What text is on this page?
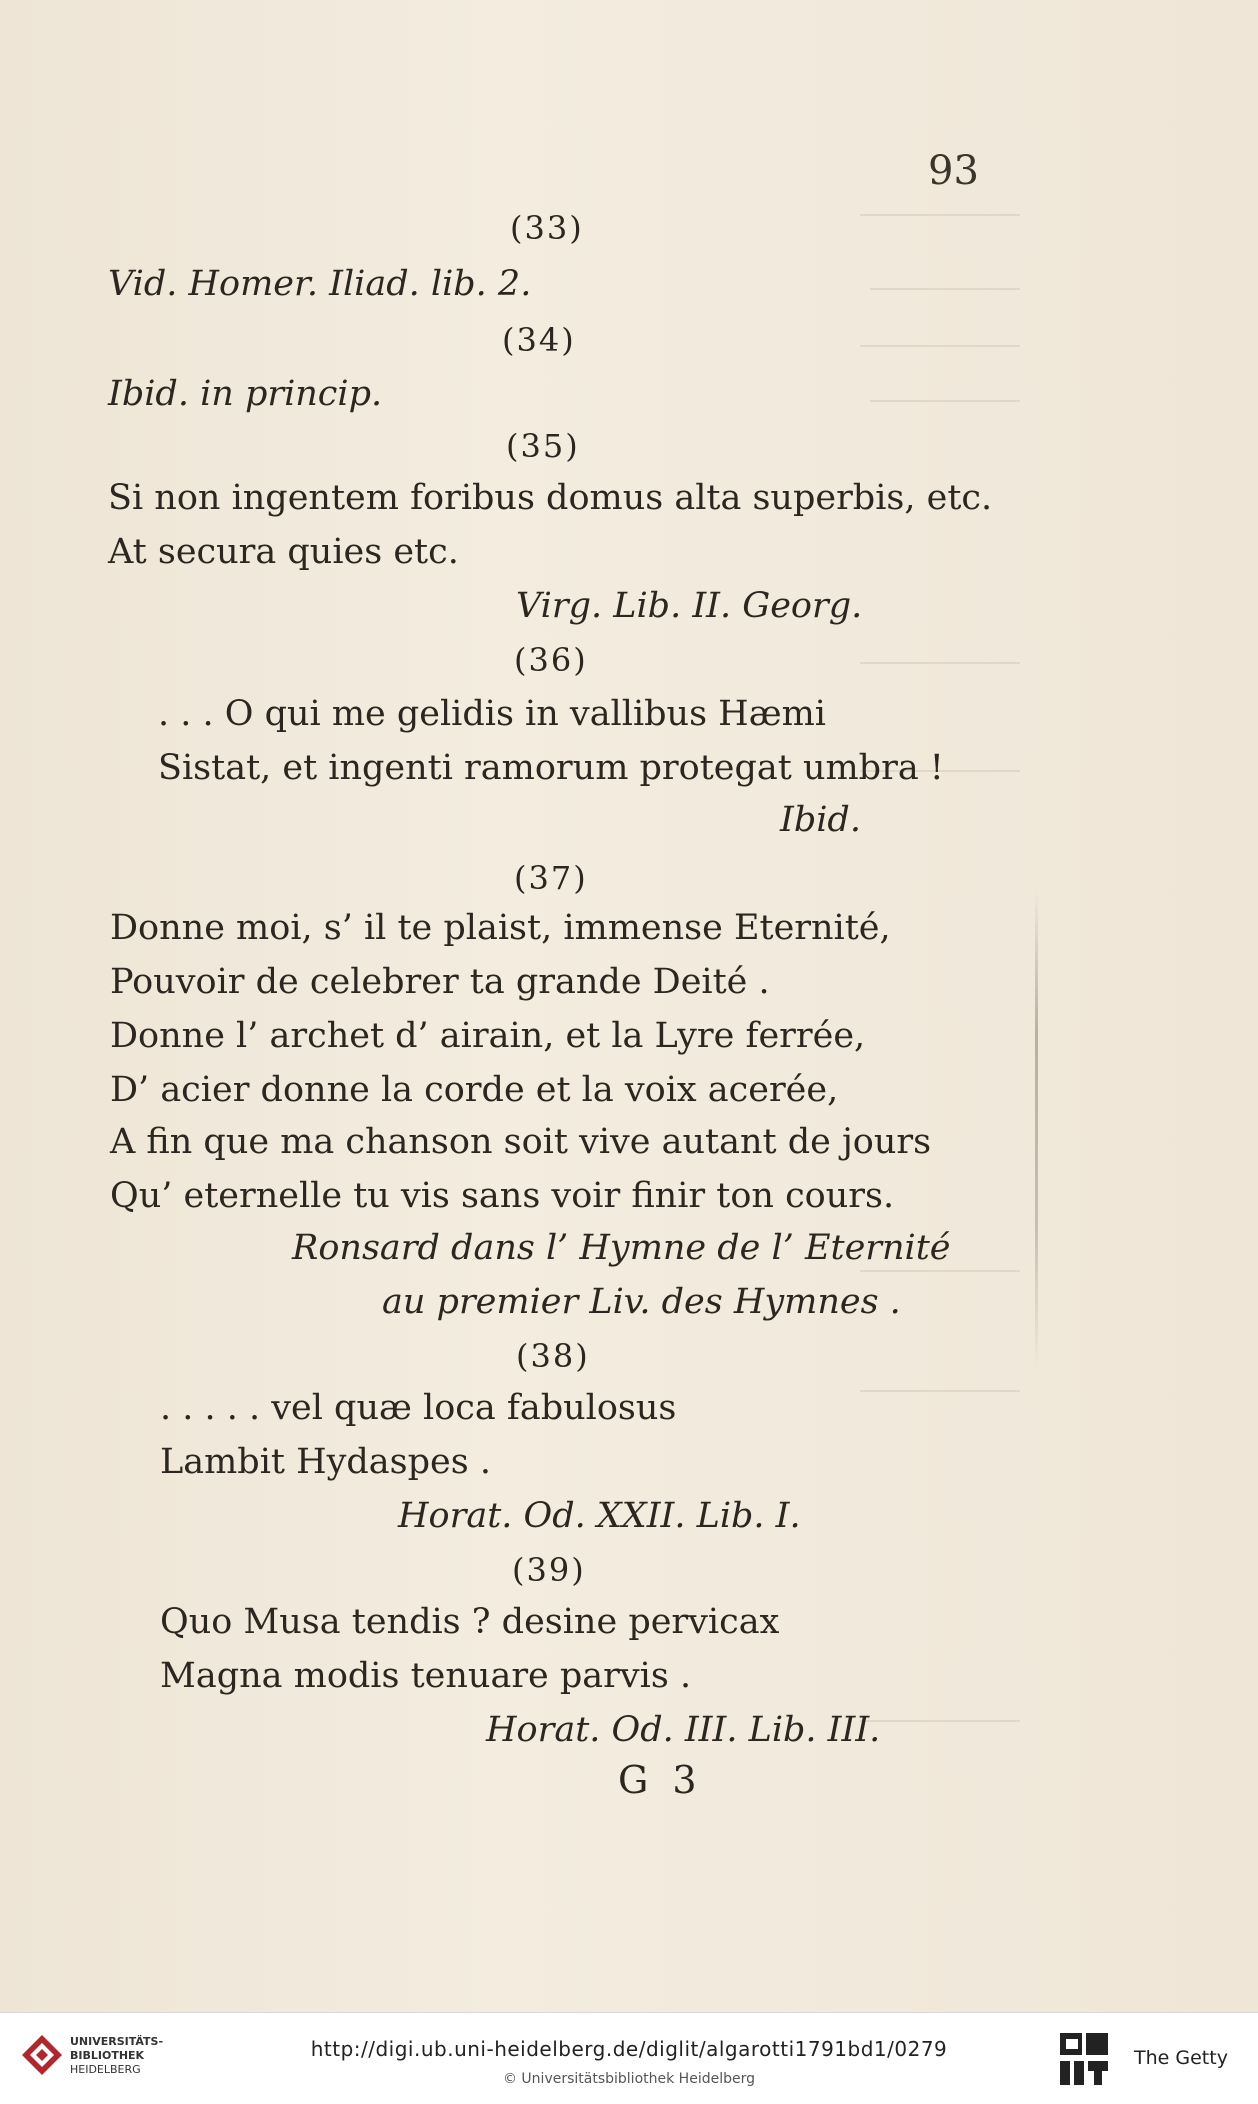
93
(33)
Vid. Homer. Iliad. lib. 2.
(34)
Ibid. in princip.
(35)
Si non ingentem foribus domus alta superbis, etc.
At secura quies etc.
Virg. Lib. II. Georg.
(36)
. . . O qui me gelidis in vallibus Hæmi
Sistat, et ingenti ramorum protegat umbra !
Ibid.
(37)
Donne moi, s’ il te plaist, immense Eternité,
Pouvoir de celebrer ta grande Deité .
Donne l’ archet d’ airain, et la Lyre ferrée,
D’ acier donne la corde et la voix acerée,
A fin que ma chanson soit vive autant de jours
Qu’ eternelle tu vis sans voir finir ton cours.
Ronsard dans l’ Hymne de l’ Eternité
au premier Liv. des Hymnes .
(38)
. . . . . vel quæ loca fabulosus
Lambit Hydaspes .
Horat. Od. XXII. Lib. I.
(39)
Quo Musa tendis ? desine pervicax
Magna modis tenuare parvis .
Horat. Od. III. Lib. III.
G 3
UNIVERSITÄTS-
BIBLIOTHEK
HEIDELBERG
http://digi.ub.uni-heidelberg.de/diglit/algarotti1791bd1/0279
© Universitätsbibliothek Heidelberg
The Getty
